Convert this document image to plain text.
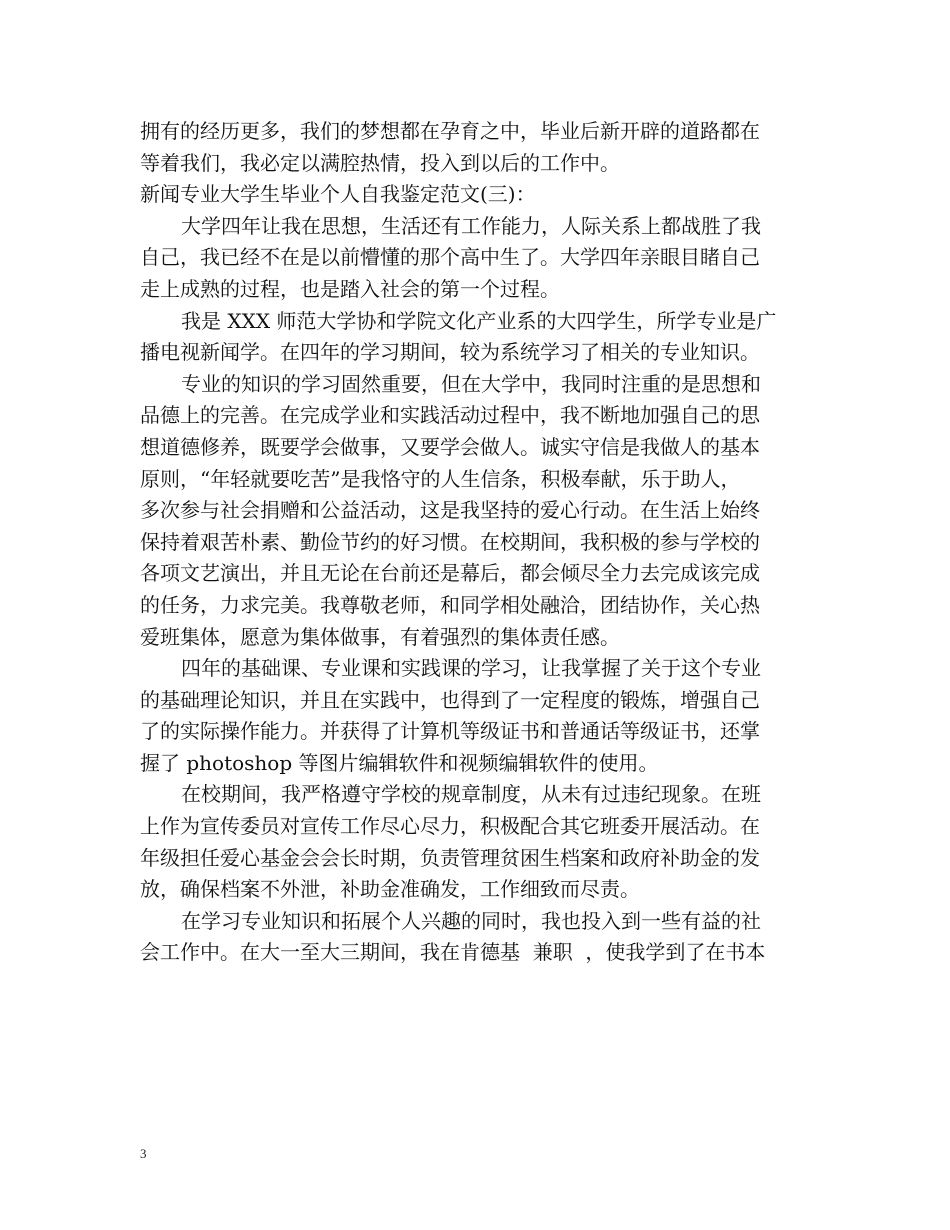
拥有的经历更多，我们的梦想都在孕育之中，毕业后新开辟的道路都在
等着我们，我必定以满腔热情，投入到以后的工作中。
新闻专业大学生毕业个人自我鉴定范文(三)：
大学四年让我在思想，生活还有工作能力，人际关系上都战胜了我
自己，我已经不在是以前懵懂的那个高中生了。大学四年亲眼目睹自己
走上成熟的过程，也是踏入社会的第一个过程。
我是 XXX 师范大学协和学院文化产业系的大四学生，所学专业是广
播电视新闻学。在四年的学习期间，较为系统学习了相关的专业知识。
专业的知识的学习固然重要，但在大学中，我同时注重的是思想和
品德上的完善。在完成学业和实践活动过程中，我不断地加强自己的思
想道德修养，既要学会做事，又要学会做人。诚实守信是我做人的基本
原则，“年轻就要吃苦”是我恪守的人生信条，积极奉献，乐于助人，
多次参与社会捐赠和公益活动，这是我坚持的爱心行动。在生活上始终
保持着艰苦朴素、勤俭节约的好习惯。在校期间，我积极的参与学校的
各项文艺演出，并且无论在台前还是幕后，都会倾尽全力去完成该完成
的任务，力求完美。我尊敬老师，和同学相处融洽，团结协作，关心热
爱班集体，愿意为集体做事，有着强烈的集体责任感。
四年的基础课、专业课和实践课的学习，让我掌握了关于这个专业
的基础理论知识，并且在实践中，也得到了一定程度的锻炼，增强自己
了的实际操作能力。并获得了计算机等级证书和普通话等级证书，还掌
握了 photoshop 等图片编辑软件和视频编辑软件的使用。
在校期间，我严格遵守学校的规章制度，从未有过违纪现象。在班
上作为宣传委员对宣传工作尽心尽力，积极配合其它班委开展活动。在
年级担任爱心基金会会长时期，负责管理贫困生档案和政府补助金的发
放，确保档案不外泄，补助金准确发，工作细致而尽责。
在学习专业知识和拓展个人兴趣的同时，我也投入到一些有益的社
会工作中。在大一至大三期间，我在肯德基  兼职  ，使我学到了在书本
3
